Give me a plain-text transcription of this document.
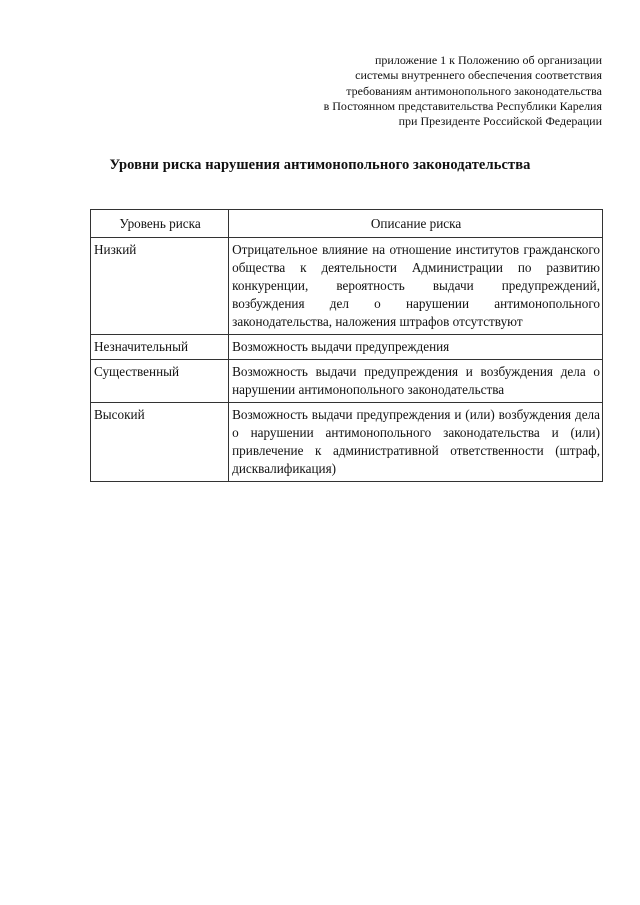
приложение 1 к Положению об организации
системы внутреннего обеспечения соответствия
требованиям антимонопольного законодательства
в Постоянном представительства Республики Карелия
при Президенте Российской Федерации
Уровни риска нарушения антимонопольного законодательства
Уровень риска	Описание риска
Низкий	Отрицательное влияние на отношение институтов гражданского общества к деятельности Администрации по развитию конкуренции, вероятность выдачи предупреждений, возбуждения дел о нарушении антимонопольного законодательства, наложения штрафов отсутствуют
Незначительный	Возможность выдачи предупреждения
Существенный	Возможность выдачи предупреждения и возбуждения дела о нарушении антимонопольного законодательства
Высокий	Возможность выдачи предупреждения и (или) возбуждения дела о нарушении антимонопольного законодательства и (или) привлечение к административной ответственности (штраф, дисквалификация)
